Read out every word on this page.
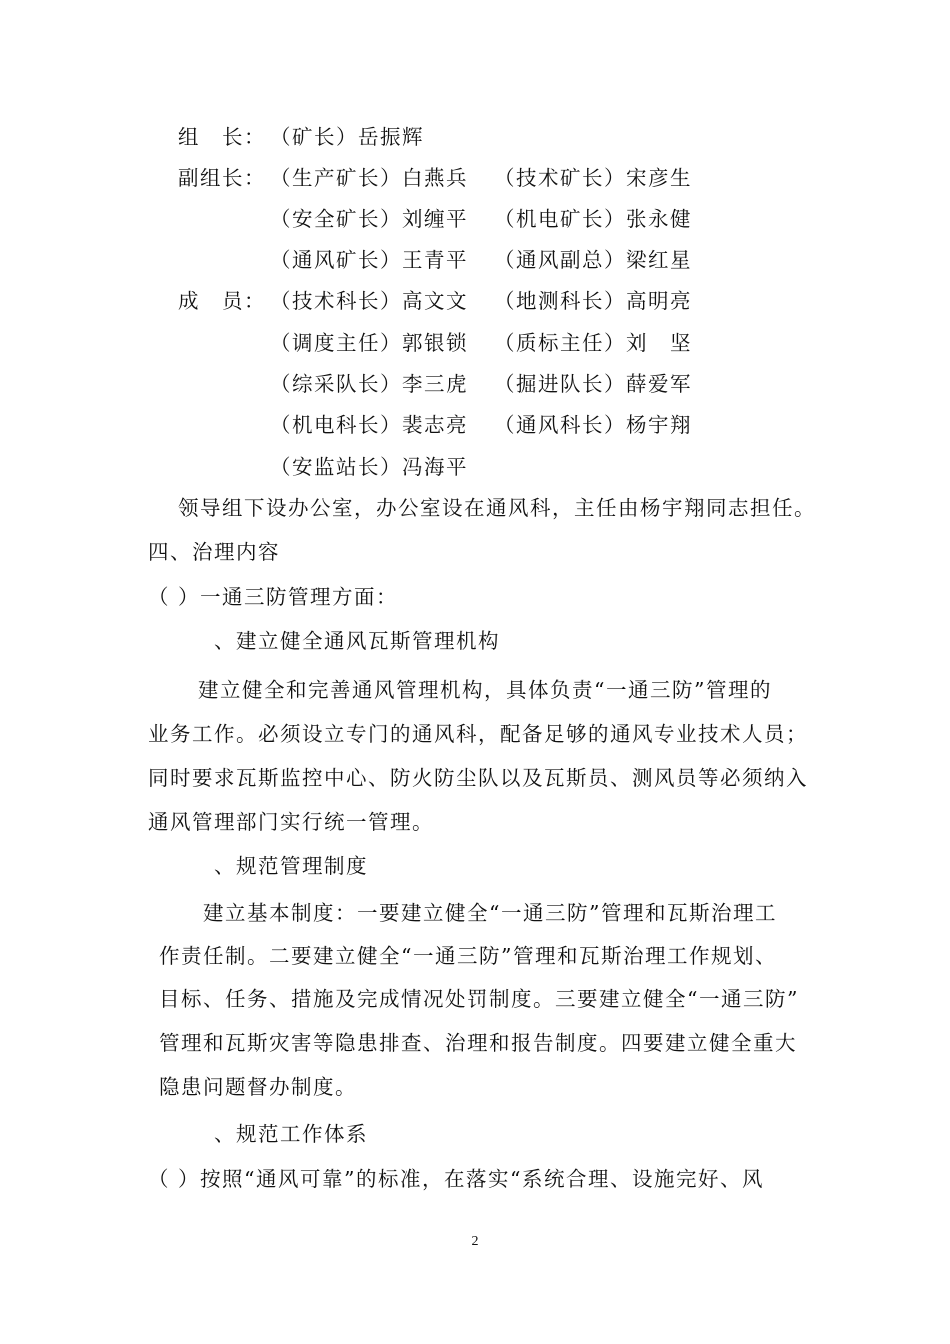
组　长： （矿长）岳振辉
副组长： （生产矿长）白燕兵 （技术矿长）宋彦生
（安全矿长）刘缠平 （机电矿长）张永健
（通风矿长）王青平 （通风副总）梁红星
成　员： （技术科长）高文文 （地测科长）高明亮
（调度主任）郭银锁 （质标主任）刘　坚
（综采队长）李三虎 （掘进队长）薛爱军
（机电科长）裴志亮 （通风科长）杨宇翔
（安监站长）冯海平
领导组下设办公室，办公室设在通风科，主任由杨宇翔同志担任。
四、治理内容
（ ）一通三防管理方面：
、建立健全通风瓦斯管理机构
建立健全和完善通风管理机构，具体负责“一通三防”管理的
业务工作。必须设立专门的通风科，配备足够的通风专业技术人员；
同时要求瓦斯监控中心、防火防尘队以及瓦斯员、测风员等必须纳入
通风管理部门实行统一管理。
、规范管理制度
建立基本制度：一要建立健全“一通三防”管理和瓦斯治理工
作责任制。二要建立健全“一通三防”管理和瓦斯治理工作规划、
目标、任务、措施及完成情况处罚制度。三要建立健全“一通三防”
管理和瓦斯灾害等隐患排查、治理和报告制度。四要建立健全重大
隐患问题督办制度。
、规范工作体系
（ ）按照“通风可靠”的标准，在落实“系统合理、设施完好、风
2
